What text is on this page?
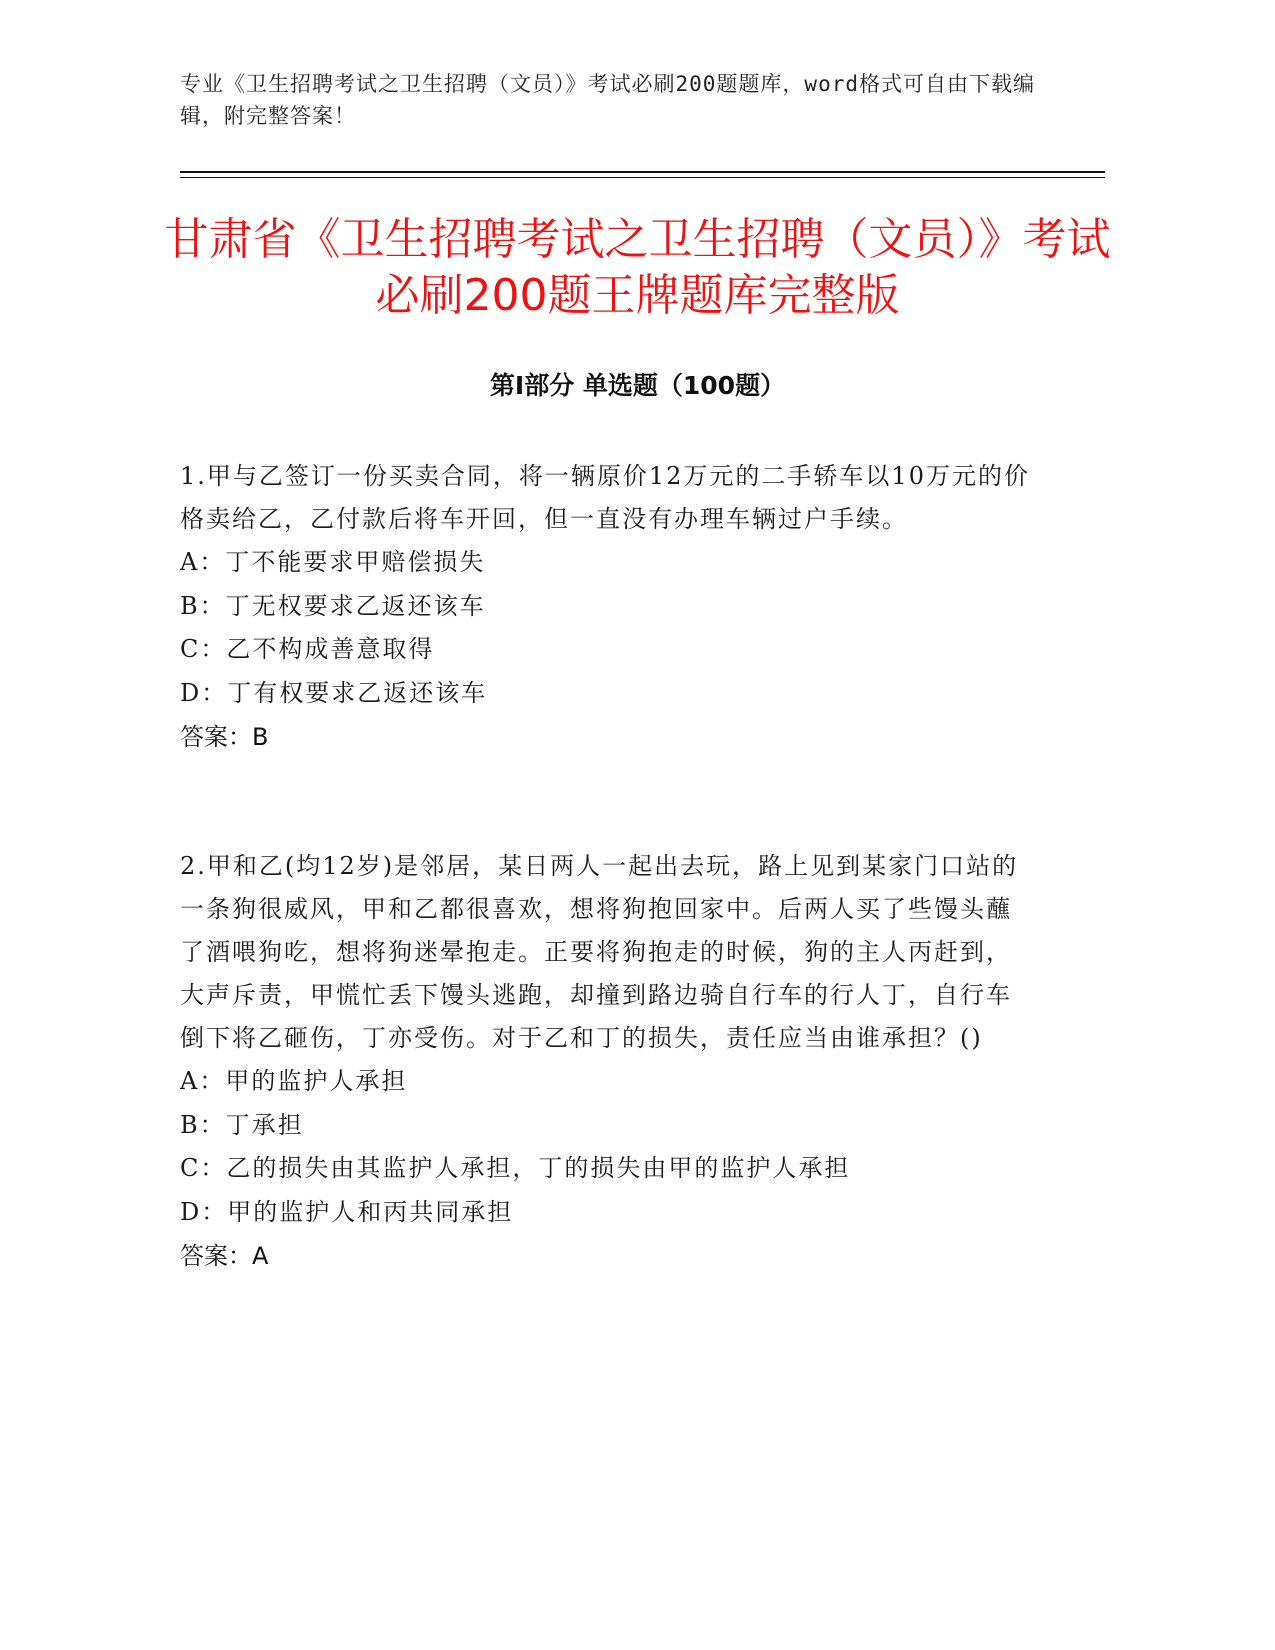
专业《卫生招聘考试之卫生招聘（文员）》考试必刷200题题库，word格式可自由下载编辑，附完整答案！
甘肃省《卫生招聘考试之卫生招聘（文员）》考试必刷200题王牌题库完整版
第I部分 单选题（100题）

1.甲与乙签订一份买卖合同，将一辆原价12万元的二手轿车以10万元的价格卖给乙，乙付款后将车开回，但一直没有办理车辆过户手续。

A：丁不能要求甲赔偿损失

B：丁无权要求乙返还该车

C：乙不构成善意取得

D：丁有权要求乙返还该车

答案：B

2.甲和乙(均12岁)是邻居，某日两人一起出去玩，路上见到某家门口站的一条狗很威风，甲和乙都很喜欢，想将狗抱回家中。后两人买了些馒头蘸了酒喂狗吃，想将狗迷晕抱走。正要将狗抱走的时候，狗的主人丙赶到，大声斥责，甲慌忙丢下馒头逃跑，却撞到路边骑自行车的行人丁，自行车倒下将乙砸伤，丁亦受伤。对于乙和丁的损失，责任应当由谁承担？()

A：甲的监护人承担

B：丁承担

C：乙的损失由其监护人承担，丁的损失由甲的监护人承担

D：甲的监护人和丙共同承担

答案：A
